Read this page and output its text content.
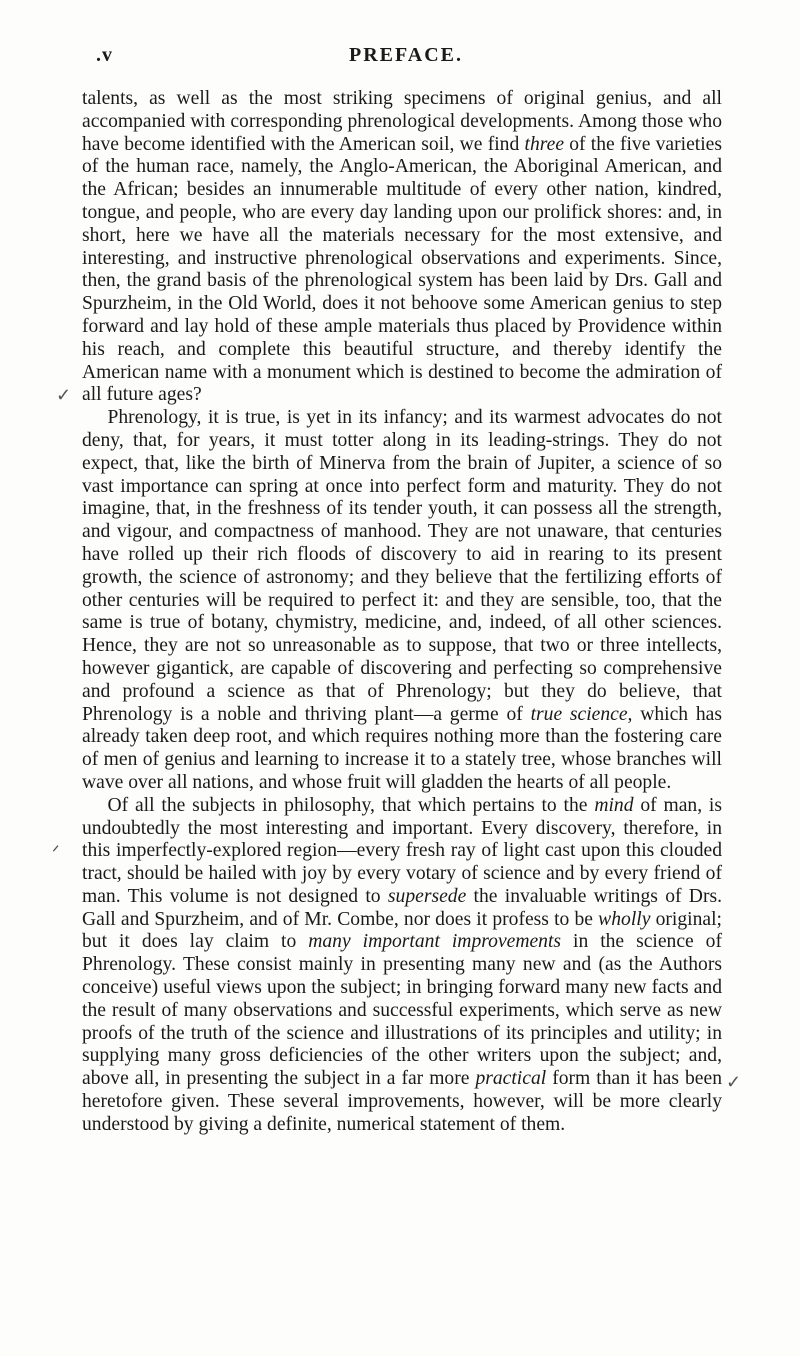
.v	PREFACE.

talents, as well as the most striking specimens of original genius, and all accompanied with corresponding phrenological developments. Among those who have become identified with the American soil, we find three of the five varieties of the human race, namely, the Anglo-American, the Aboriginal American, and the African; besides an innumerable multitude of every other nation, kindred, tongue, and people, who are every day landing upon our prolifick shores: and, in short, here we have all the materials necessary for the most extensive, and interesting, and instructive phrenological observations and experiments. Since, then, the grand basis of the phrenological system has been laid by Drs. Gall and Spurzheim, in the Old World, does it not behoove some American genius to step forward and lay hold of these ample materials thus placed by Providence within his reach, and complete this beautiful structure, and thereby identify the American name with a monument which is destined to become the admiration of all future ages?

Phrenology, it is true, is yet in its infancy; and its warmest advocates do not deny, that, for years, it must totter along in its leading-strings. They do not expect, that, like the birth of Minerva from the brain of Jupiter, a science of so vast importance can spring at once into perfect form and maturity. They do not imagine, that, in the freshness of its tender youth, it can possess all the strength, and vigour, and compactness of manhood. They are not unaware, that centuries have rolled up their rich floods of discovery to aid in rearing to its present growth, the science of astronomy; and they believe that the fertilizing efforts of other centuries will be required to perfect it: and they are sensible, too, that the same is true of botany, chymistry, medicine, and, indeed, of all other sciences. Hence, they are not so unreasonable as to suppose, that two or three intellects, however gigantick, are capable of discovering and perfecting so comprehensive and profound a science as that of Phrenology; but they do believe, that Phrenology is a noble and thriving plant—a germe of true science, which has already taken deep root, and which requires nothing more than the fostering care of men of genius and learning to increase it to a stately tree, whose branches will wave over all nations, and whose fruit will gladden the hearts of all people.

Of all the subjects in philosophy, that which pertains to the mind of man, is undoubtedly the most interesting and important. Every discovery, therefore, in this imperfectly-explored region—every fresh ray of light cast upon this clouded tract, should be hailed with joy by every votary of science and by every friend of man. This volume is not designed to supersede the invaluable writings of Drs. Gall and Spurzheim, and of Mr. Combe, nor does it profess to be wholly original; but it does lay claim to many important improvements in the science of Phrenology. These consist mainly in presenting many new and (as the Authors conceive) useful views upon the subject; in bringing forward many new facts and the result of many observations and successful experiments, which serve as new proofs of the truth of the science and illustrations of its principles and utility; in supplying many gross deficiencies of the other writers upon the subject; and, above all, in presenting the subject in a far more practical form than it has been heretofore given. These several improvements, however, will be more clearly understood by giving a definite, numerical statement of them.

✓
ᐟ
✓
